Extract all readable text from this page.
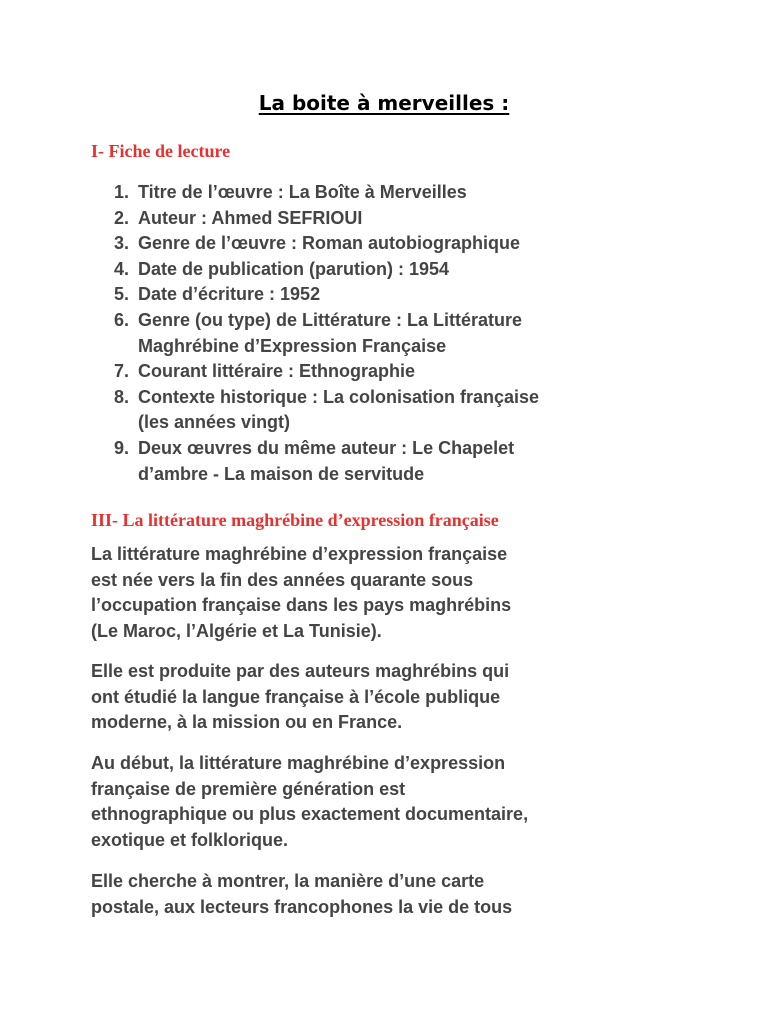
La boite à merveilles :
I- Fiche de lecture
1. Titre de l’œuvre : La Boîte à Merveilles
2. Auteur : Ahmed SEFRIOUI
3. Genre de l’œuvre : Roman autobiographique
4. Date de publication (parution) : 1954
5. Date d’écriture : 1952
6. Genre (ou type) de Littérature : La Littérature
Maghrébine d’Expression Française
7. Courant littéraire : Ethnographie
8. Contexte historique : La colonisation française
(les années vingt)
9. Deux œuvres du même auteur : Le Chapelet
d’ambre - La maison de servitude
III- La littérature maghrébine d’expression française

La littérature maghrébine d’expression française
est née vers la fin des années quarante sous
l’occupation française dans les pays maghrébins
(Le Maroc, l’Algérie et La Tunisie).

Elle est produite par des auteurs maghrébins qui
ont étudié la langue française à l’école publique
moderne, à la mission ou en France.

Au début, la littérature maghrébine d’expression
française de première génération est
ethnographique ou plus exactement documentaire,
exotique et folklorique.

Elle cherche à montrer, la manière d’une carte
postale, aux lecteurs francophones la vie de tous
